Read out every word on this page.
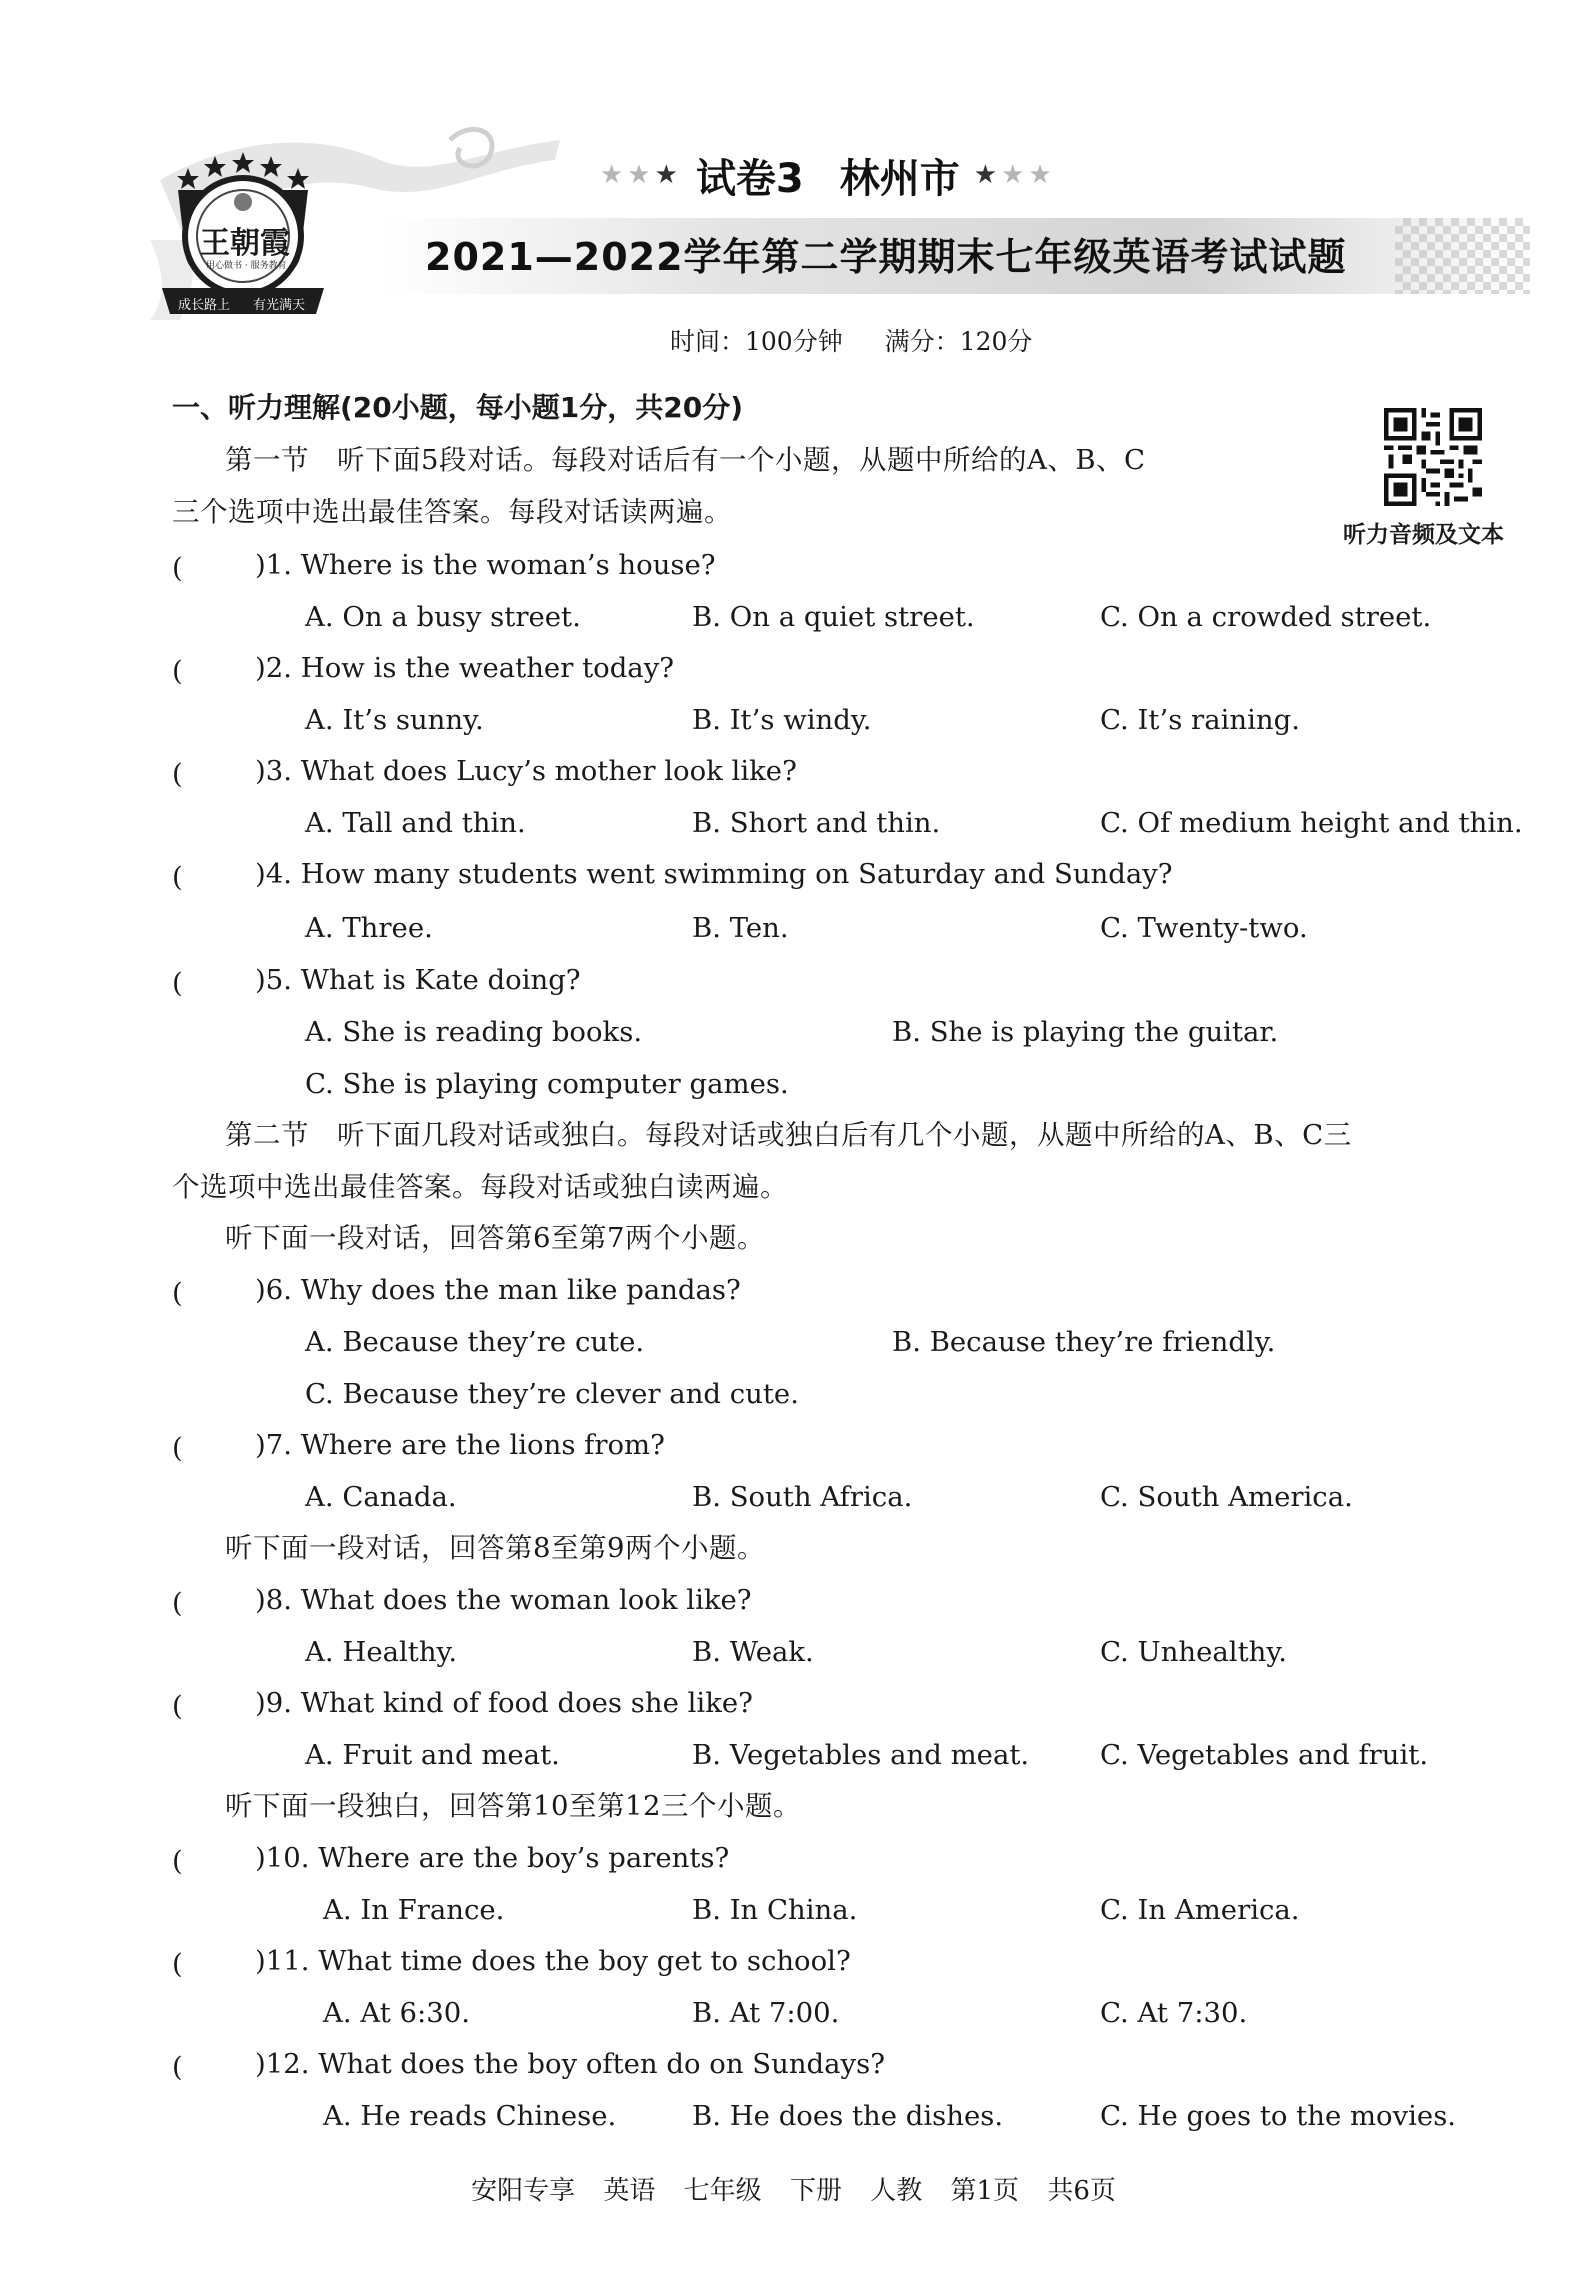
王朝霞
用心做书 · 服务教育
成长路上 有光满天
★★★ 试卷3 林州市 ★★★
2021—2022学年第二学期期末七年级英语考试试题
时间：100分钟 满分：120分
听力音频及文本
一、听力理解(20小题，每小题1分，共20分)
第一节　听下面5段对话。每段对话后有一个小题，从题中所给的A、B、C
三个选项中选出最佳答案。每段对话读两遍。
(	)1. Where is the woman’s house?
A. On a busy street.	B. On a quiet street.	C. On a crowded street.
(	)2. How is the weather today?
A. It’s sunny.	B. It’s windy.	C. It’s raining.
(	)3. What does Lucy’s mother look like?
A. Tall and thin.	B. Short and thin.	C. Of medium height and thin.
(	)4. How many students went swimming on Saturday and Sunday?
A. Three.	B. Ten.	C. Twenty-two.
(	)5. What is Kate doing?
A. She is reading books.	B. She is playing the guitar.
C. She is playing computer games.
第二节　听下面几段对话或独白。每段对话或独白后有几个小题，从题中所给的A、B、C三
个选项中选出最佳答案。每段对话或独白读两遍。
听下面一段对话，回答第6至第7两个小题。
(	)6. Why does the man like pandas?
A. Because they’re cute.	B. Because they’re friendly.
C. Because they’re clever and cute.
(	)7. Where are the lions from?
A. Canada.	B. South Africa.	C. South America.
听下面一段对话，回答第8至第9两个小题。
(	)8. What does the woman look like?
A. Healthy.	B. Weak.	C. Unhealthy.
(	)9. What kind of food does she like?
A. Fruit and meat.	B. Vegetables and meat.	C. Vegetables and fruit.
听下面一段独白，回答第10至第12三个小题。
(	)10. Where are the boy’s parents?
A. In France.	B. In China.	C. In America.
(	)11. What time does the boy get to school?
A. At 6:30.	B. At 7:00.	C. At 7:30.
(	)12. What does the boy often do on Sundays?
A. He reads Chinese.	B. He does the dishes.	C. He goes to the movies.
安阳专享 英语 七年级 下册 人教 第1页 共6页
